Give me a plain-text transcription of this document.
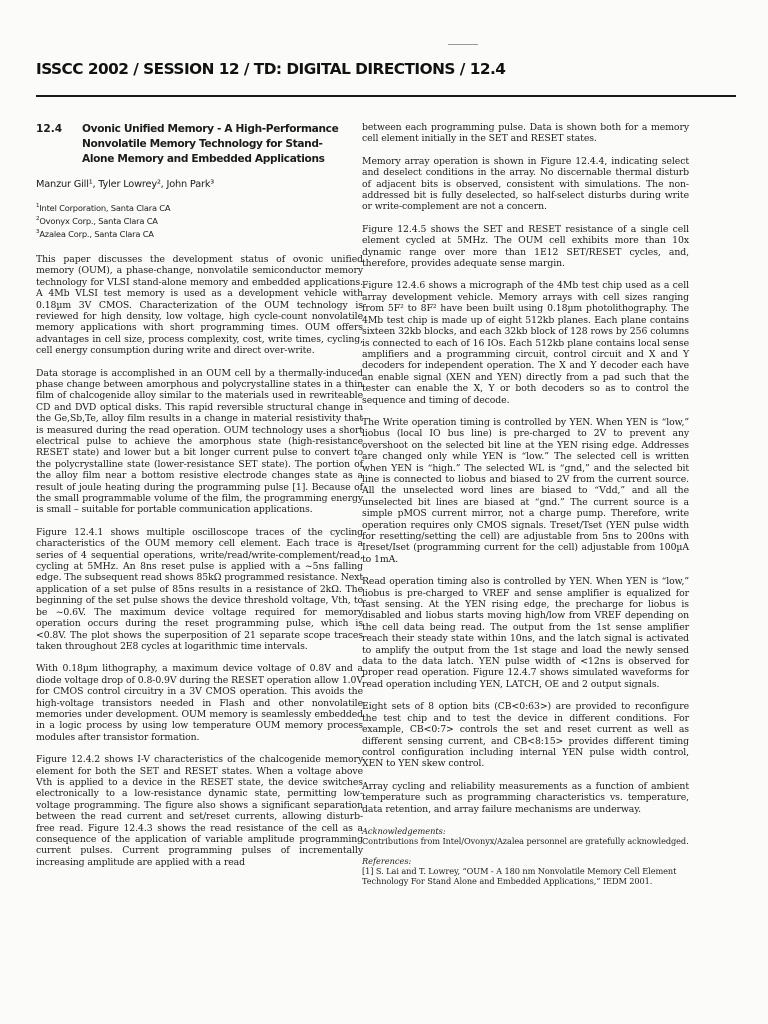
ISSCC 2002 / SESSION 12 / TD: DIGITAL DIRECTIONS / 12.4
12.4	Ovonic Unified Memory - A High-Performance Nonvolatile Memory Technology for Stand-Alone Memory and Embedded Applications
Manzur Gill¹, Tyler Lowrey², John Park³
$^1$Intel Corporation, Santa Clara CA
$^2$Ovonyx Corp., Santa Clara CA
$^3$Azalea Corp., Santa Clara CA

This paper discusses the development status of ovonic unified memory (OUM), a phase-change, nonvolatile semiconductor memory technology for VLSI stand-alone memory and embedded applications. A 4Mb VLSI test memory is used as a development vehicle with 0.18µm 3V CMOS. Characterization of the OUM technology is reviewed for high density, low voltage, high cycle-count nonvolatile memory applications with short programming times. OUM offers advantages in cell size, process complexity, cost, write times, cycling, cell energy consumption during write and direct over-write.

Data storage is accomplished in an OUM cell by a thermally-induced phase change between amorphous and polycrystalline states in a thin film of chalcogenide alloy similar to the materials used in rewriteable CD and DVD optical disks. This rapid reversible structural change in the Ge,Sb,Te, alloy film results in a change in material resistivity that is measured during the read operation. OUM technology uses a short electrical pulse to achieve the amorphous state (high-resistance RESET state) and lower but a bit longer current pulse to convert to the polycrystalline state (lower-resistance SET state). The portion of the alloy film near a bottom resistive electrode changes state as a result of joule heating during the programming pulse [1]. Because of the small programmable volume of the film, the programming energy is small – suitable for portable communication applications.

Figure 12.4.1 shows multiple oscilloscope traces of the cycling characteristics of the OUM memory cell element. Each trace is a series of 4 sequential operations, write/read/write-complement/read, cycling at 5MHz. An 8ns reset pulse is applied with a ~5ns falling edge. The subsequent read shows 85kΩ programmed resistance. Next application of a set pulse of 85ns results in a resistance of 2kΩ. The beginning of the set pulse shows the device threshold voltage, Vth, to be ~0.6V. The maximum device voltage required for memory operation occurs during the reset programming pulse, which is <0.8V. The plot shows the superposition of 21 separate scope traces taken throughout 2E8 cycles at logarithmic time intervals.

With 0.18µm lithography, a maximum device voltage of 0.8V and a diode voltage drop of 0.8-0.9V during the RESET operation allow 1.0V for CMOS control circuitry in a 3V CMOS operation. This avoids the high-voltage transistors needed in Flash and other nonvolatile memories under development. OUM memory is seamlessly embedded in a logic process by using low temperature OUM memory process modules after transistor formation.

Figure 12.4.2 shows I-V characteristics of the chalcogenide memory element for both the SET and RESET states. When a voltage above Vth is applied to a device in the RESET state, the device switches electronically to a low-resistance dynamic state, permitting low-voltage programming. The figure also shows a significant separation between the read current and set/reset currents, allowing disturb-free read. Figure 12.4.3 shows the read resistance of the cell as a consequence of the application of variable amplitude programming current pulses. Current programming pulses of incrementally increasing amplitude are applied with a read

between each programming pulse. Data is shown both for a memory cell element initially in the SET and RESET states.

Memory array operation is shown in Figure 12.4.4, indicating select and deselect conditions in the array. No discernable thermal disturb of adjacent bits is observed, consistent with simulations. The non-addressed bit is fully deselected, so half-select disturbs during write or write-complement are not a concern.

Figure 12.4.5 shows the SET and RESET resistance of a single cell element cycled at 5MHz. The OUM cell exhibits more than 10x dynamic range over more than 1E12 SET/RESET cycles, and, therefore, provides adequate sense margin.

Figure 12.4.6 shows a micrograph of the 4Mb test chip used as a cell array development vehicle. Memory arrays with cell sizes ranging from 5F² to 8F² have been built using 0.18µm photolithography. The 4Mb test chip is made up of eight 512kb planes. Each plane contains sixteen 32kb blocks, and each 32kb block of 128 rows by 256 columns is connected to each of 16 IOs. Each 512kb plane contains local sense amplifiers and a programming circuit, control circuit and X and Y decoders for independent operation. The X and Y decoder each have an enable signal (XEN and YEN) directly from a pad such that the tester can enable the X, Y or both decoders so as to control the sequence and timing of decode.

The Write operation timing is controlled by YEN. When YEN is “low,” liobus (local IO bus line) is pre-charged to 2V to prevent any overshoot on the selected bit line at the YEN rising edge. Addresses are changed only while YEN is “low.” The selected cell is written when YEN is “high.” The selected WL is “gnd,” and the selected bit line is connected to liobus and biased to 2V from the current source. All the unselected word lines are biased to “Vdd,” and all the unselected bit lines are biased at “gnd.” The current source is a simple pMOS current mirror, not a charge pump. Therefore, write operation requires only CMOS signals. Treset/Tset (YEN pulse width for resetting/setting the cell) are adjustable from 5ns to 200ns with Ireset/Iset (programming current for the cell) adjustable from 100µA to 1mA.

Read operation timing also is controlled by YEN. When YEN is “low,” liobus is pre-charged to VREF and sense amplifier is equalized for fast sensing. At the YEN rising edge, the precharge for liobus is disabled and liobus starts moving high/low from VREF depending on the cell data being read. The output from the 1st sense amplifier reach their steady state within 10ns, and the latch signal is activated to amplify the output from the 1st stage and load the newly sensed data to the data latch. YEN pulse width of <12ns is observed for proper read operation. Figure 12.4.7 shows simulated waveforms for read operation including YEN, LATCH, OE and 2 output signals.

Eight sets of 8 option bits (CB<0:63>) are provided to reconfigure the test chip and to test the device in different conditions. For example, CB<0:7> controls the set and reset current as well as different sensing current, and CB<8:15> provides different timing control configuration including internal YEN pulse width control, XEN to YEN skew control.

Array cycling and reliability measurements as a function of ambient temperature such as programming characteristics vs. temperature, data retention, and array failure mechanisms are underway.

Acknowledgements:

Contributions from Intel/Ovonyx/Azalea personnel are gratefully acknowledged.

References:

[1] S. Lai and T. Lowrey, “OUM - A 180 nm Nonvolatile Memory Cell Element Technology For Stand Alone and Embedded Applications,” IEDM 2001.
